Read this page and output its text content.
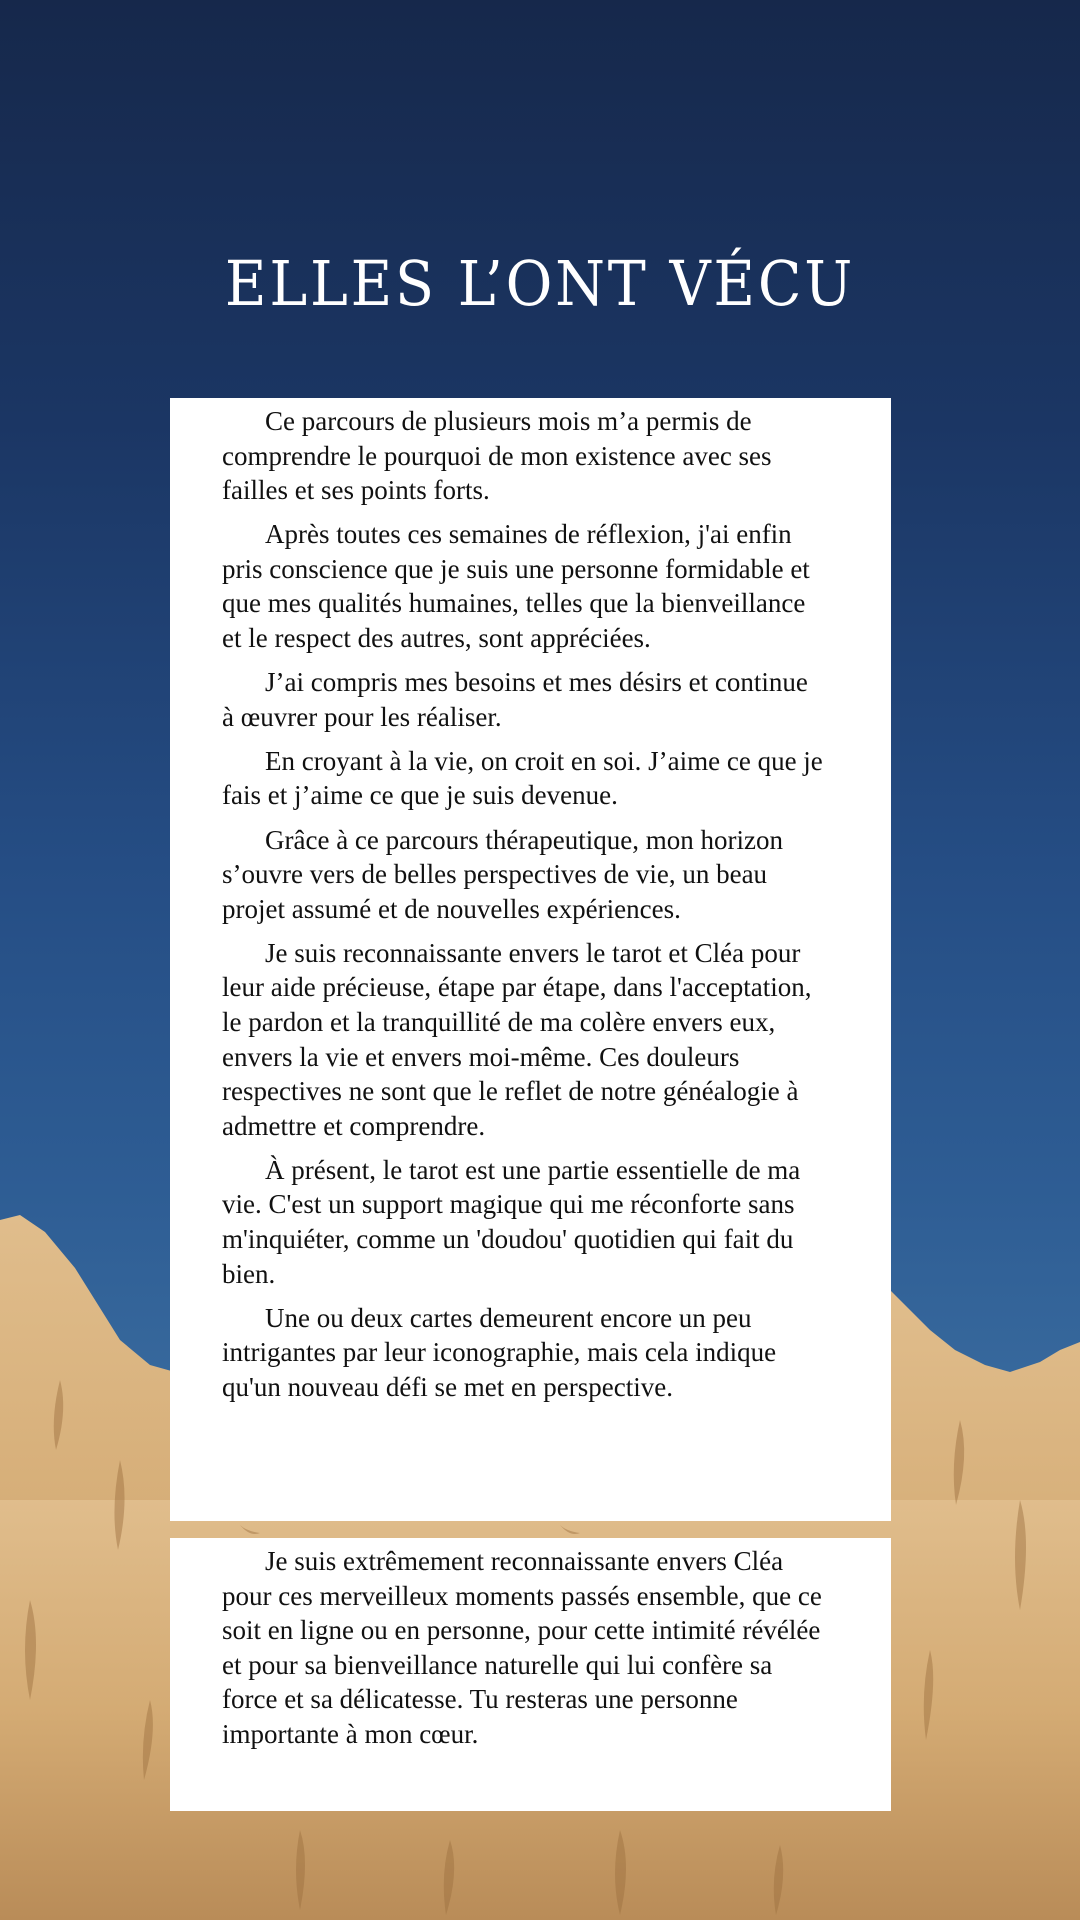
ELLES L’ONT VÉCU

Ce parcours de plusieurs mois m’a permis de comprendre le pourquoi de mon existence avec ses failles et ses points forts.

Après toutes ces semaines de réflexion, j'ai enfin pris conscience que je suis une personne formidable et que mes qualités humaines, telles que la bienveillance et le respect des autres, sont appréciées.

J’ai compris mes besoins et mes désirs et continue à œuvrer pour les réaliser.

En croyant à la vie, on croit en soi. J’aime ce que je fais et j’aime ce que je suis devenue.

Grâce à ce parcours thérapeutique, mon horizon s’ouvre vers de belles perspectives de vie, un beau projet assumé et de nouvelles expériences.

Je suis reconnaissante envers le tarot et Cléa pour leur aide précieuse, étape par étape, dans l'acceptation, le pardon et la tranquillité de ma colère envers eux, envers la vie et envers moi-même. Ces douleurs respectives ne sont que le reflet de notre généalogie à admettre et comprendre.

À présent, le tarot est une partie essentielle de ma vie. C'est un support magique qui me réconforte sans m'inquiéter, comme un 'doudou' quotidien qui fait du bien.

Une ou deux cartes demeurent encore un peu intrigantes par leur iconographie, mais cela indique qu'un nouveau défi se met en perspective.

Je suis extrêmement reconnaissante envers Cléa pour ces merveilleux moments passés ensemble, que ce soit en ligne ou en personne, pour cette intimité révélée et pour sa bienveillance naturelle qui lui confère sa force et sa délicatesse. Tu resteras une personne importante à mon cœur.
